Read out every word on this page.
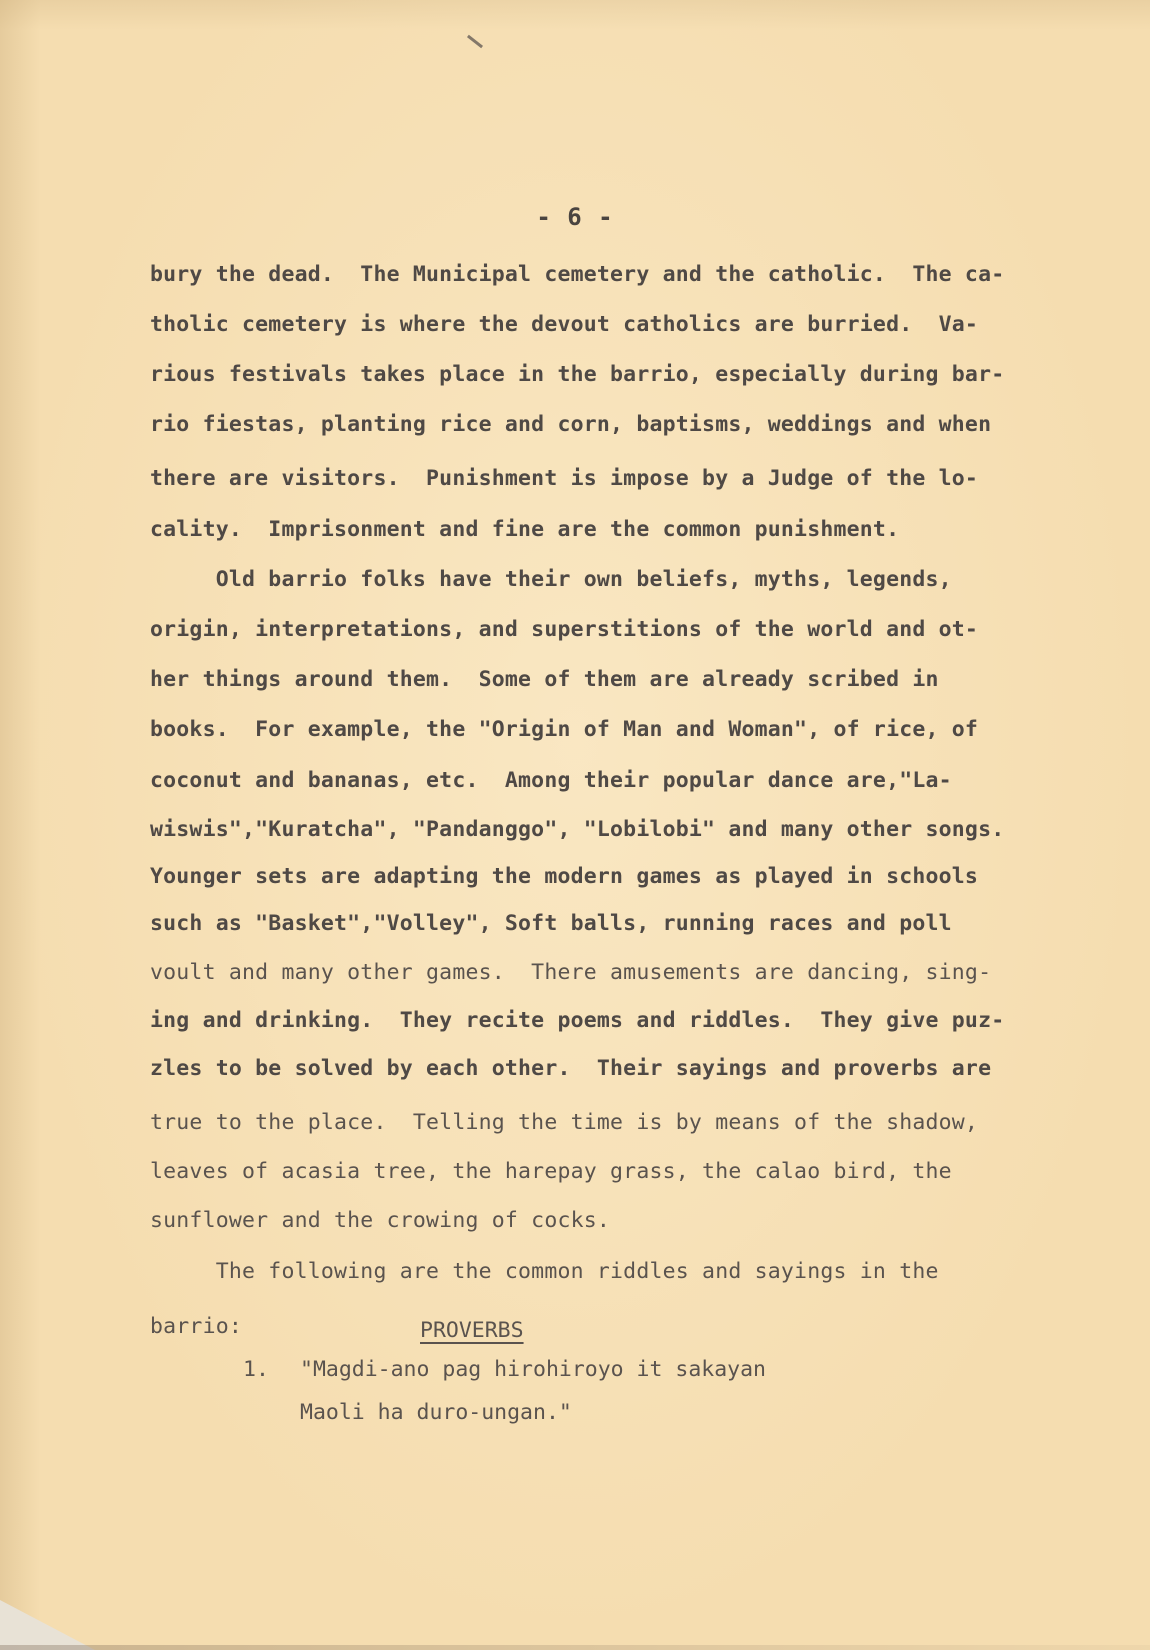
- 6 -
bury the dead.  The Municipal cemetery and the catholic.  The ca-
tholic cemetery is where the devout catholics are burried.  Va-
rious festivals takes place in the barrio, especially during bar-
rio fiestas, planting rice and corn, baptisms, weddings and when
there are visitors.  Punishment is impose by a Judge of the lo-
cality.  Imprisonment and fine are the common punishment.
Old barrio folks have their own beliefs, myths, legends,
origin, interpretations, and superstitions of the world and ot-
her things around them.  Some of them are already scribed in
books.  For example, the "Origin of Man and Woman", of rice, of
coconut and bananas, etc.  Among their popular dance are,"La-
wiswis","Kuratcha", "Pandanggo", "Lobilobi" and many other songs.
Younger sets are adapting the modern games as played in schools
such as "Basket","Volley", Soft balls, running races and poll
voult and many other games.  There amusements are dancing, sing-
ing and drinking.  They recite poems and riddles.  They give puz-
zles to be solved by each other.  Their sayings and proverbs are
true to the place.  Telling the time is by means of the shadow,
leaves of acasia tree, the harepay grass, the calao bird, the
sunflower and the crowing of cocks.
The following are the common riddles and sayings in the
barrio:	PROVERBS
1. "Magdi-ano pag hirohiroyo it sakayan
Maoli ha duro-ungan."
